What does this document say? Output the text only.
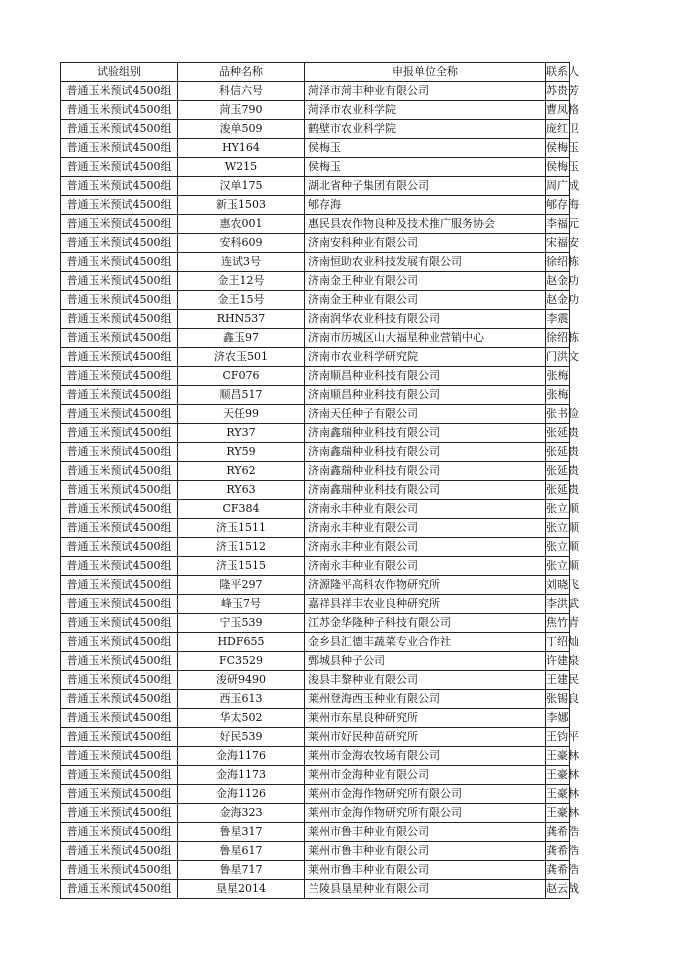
试验组别	品种名称	申报单位全称	联系人
普通玉米预试4500组	科信六号	菏泽市菏丰种业有限公司	苏贵芳
普通玉米预试4500组	菏玉790	菏泽市农业科学院	曹凤格
普通玉米预试4500组	浚单509	鹤壁市农业科学院	庞红卫
普通玉米预试4500组	HY164	侯梅玉	侯梅玉
普通玉米预试4500组	W215	侯梅玉	侯梅玉
普通玉米预试4500组	汉单175	湖北省种子集团有限公司	周广成
普通玉米预试4500组	新玉1503	郇存海	郇存海
普通玉米预试4500组	惠农001	惠民县农作物良种及技术推广服务协会	李福元
普通玉米预试4500组	安科609	济南安科种业有限公司	宋福安
普通玉米预试4500组	连试3号	济南恒助农业科技发展有限公司	徐绍栋
普通玉米预试4500组	金王12号	济南金王种业有限公司	赵金功
普通玉米预试4500组	金王15号	济南金王种业有限公司	赵金功
普通玉米预试4500组	RHN537	济南润华农业科技有限公司	李震
普通玉米预试4500组	鑫玉97	济南市历城区山大福星种业营销中心	徐绍栋
普通玉米预试4500组	济农玉501	济南市农业科学研究院	门洪文
普通玉米预试4500组	CF076	济南顺昌种业科技有限公司	张梅
普通玉米预试4500组	顺昌517	济南顺昌种业科技有限公司	张梅
普通玉米预试4500组	天任99	济南天任种子有限公司	张书俭
普通玉米预试4500组	RY37	济南鑫瑞种业科技有限公司	张延贵
普通玉米预试4500组	RY59	济南鑫瑞种业科技有限公司	张延贵
普通玉米预试4500组	RY62	济南鑫瑞种业科技有限公司	张延贵
普通玉米预试4500组	RY63	济南鑫瑞种业科技有限公司	张延贵
普通玉米预试4500组	CF384	济南永丰种业有限公司	张立顺
普通玉米预试4500组	济玉1511	济南永丰种业有限公司	张立顺
普通玉米预试4500组	济玉1512	济南永丰种业有限公司	张立顺
普通玉米预试4500组	济玉1515	济南永丰种业有限公司	张立顺
普通玉米预试4500组	隆平297	济源隆平高科农作物研究所	刘晓飞
普通玉米预试4500组	峰玉7号	嘉祥县祥丰农业良种研究所	李洪武
普通玉米预试4500组	宁玉539	江苏金华隆种子科技有限公司	焦竹青
普通玉米预试4500组	HDF655	金乡县汇德丰蔬菜专业合作社	丁绍灿
普通玉米预试4500组	FC3529	鄄城县种子公司	许建泉
普通玉米预试4500组	浚研9490	浚县丰黎种业有限公司	王建民
普通玉米预试4500组	西玉613	莱州登海西玉种业有限公司	张锡良
普通玉米预试4500组	华太502	莱州市东星良种研究所	李娜
普通玉米预试4500组	好民539	莱州市好民种苗研究所	王钧平
普通玉米预试4500组	金海1176	莱州市金海农牧场有限公司	王豪林
普通玉米预试4500组	金海1173	莱州市金海种业有限公司	王豪林
普通玉米预试4500组	金海1126	莱州市金海作物研究所有限公司	王豪林
普通玉米预试4500组	金海323	莱州市金海作物研究所有限公司	王豪林
普通玉米预试4500组	鲁星317	莱州市鲁丰种业有限公司	龚希浩
普通玉米预试4500组	鲁星617	莱州市鲁丰种业有限公司	龚希浩
普通玉米预试4500组	鲁星717	莱州市鲁丰种业有限公司	龚希浩
普通玉米预试4500组	垦星2014	兰陵县垦星种业有限公司	赵云战
